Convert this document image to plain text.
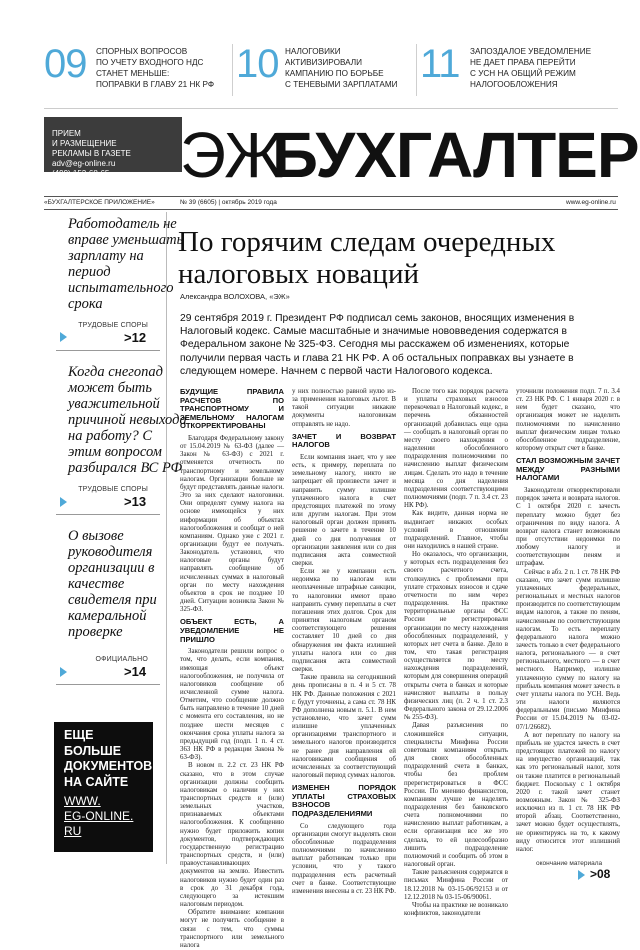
09 СПОРНЫХ ВОПРОСОВ
ПО УЧЕТУ ВХОДНОГО НДС
СТАНЕТ МЕНЬШЕ:
ПОПРАВКИ В ГЛАВУ 21 НК РФ 10 НАЛОГОВИКИ
АКТИВИЗИРОВАЛИ
КАМПАНИЮ ПО БОРЬБЕ
С ТЕНЕВЫМИ ЗАРПЛАТАМИ 11 ЗАПОЗДАЛОЕ УВЕДОМЛЕНИЕ
НЕ ДАЕТ ПРАВА ПЕРЕЙТИ
С УСН НА ОБЩИЙ РЕЖИМ
НАЛОГООБЛОЖЕНИЯ
ПРИЕМ
И РАЗМЕЩЕНИЕ
РЕКЛАМЫ В ГАЗЕТЕ
adv@eg-online.ru
(499) 152-68-65	ЭЖ
БУХГАЛТЕР
«БУХГАЛТЕРСКОЕ ПРИЛОЖЕНИЕ»	№ 39 (6605) | октябрь 2019 года	www.eg-online.ru
Работодатель не вправе уменьшать зарплату на период испытательного срока
ТРУДОВЫЕ СПОРЫ
>12
Когда снегопад может быть уважительной причиной невыхода на работу? С этим вопросом разбирался ВС РФ
ТРУДОВЫЕ СПОРЫ
>13
О вызове руководителя организации в качестве свидетеля при камеральной проверке
ОФИЦИАЛЬНО
>14
ЕЩЕ БОЛЬШЕ ДОКУМЕНТОВ НА САЙТЕ
WWW.
EG-ONLINE.
RU
По горячим следам очередных налоговых новаций
Александра ВОЛОХОВА, «ЭЖ»
29 сентября 2019 г. Президент РФ подписал семь законов, вносящих изменения в Налоговый кодекс. Самые масштабные и значимые нововведения содержатся в Федеральном законе № 325-ФЗ. Сегодня мы расскажем об изменениях, которые получили первая часть и глава 21 НК РФ. А об остальных поправках вы узнаете в следующем номере. Начнем с первой части Налогового кодекса.
БУДУЩИЕ ПРАВИЛА РАСЧЕТОВ ПО ТРАНСПОРТНОМУ И ЗЕМЕЛЬНОМУ НАЛОГАМ ОТКОРРЕКТИРОВАНЫ

Благодаря Федеральному закону от 15.04.2019 № 63-ФЗ (далее — Закон № 63-ФЗ) с 2021 г. отменяется отчетность по транспортному и земельному налогам. Организации больше не будут представлять данные налоги. Это за них сделают налоговики. Они определят сумму налога на основе имеющейся у них информации об объектах налогообложения и сообщат о ней компаниям. Однако уже с 2021 г. организации будут ее получать. Законодатель установил, что налоговые органы будут направлять сообщение об исчисленных суммах в налоговый орган по месту нахождения объектов в срок не позднее 10 дней. Ситуации возникла Закон № 325-ФЗ.

ОБЪЕКТ ЕСТЬ, А УВЕДОМЛЕНИЕ НЕ ПРИШЛО

Законодатели решили вопрос о том, что делать, если компания, имеющая объект налогообложения, не получила от налоговиков сообщение об исчисленной сумме налога. Отметим, что сообщение должно быть направлено в течение 10 дней с момента его составления, но не позднее шести месяцев с окончания срока уплаты налога за предыдущий год (подп. 1 п. 4 ст. 363 НК РФ в редакции Закона № 63-ФЗ).

В новом п. 2.2 ст. 23 НК РФ сказано, что в этом случае организации должны сообщить налоговикам о наличии у них транспортных средств и (или) земельных участков, признаваемых объектами налогообложения. К сообщению нужно будет приложить копии документов, подтверждающих государственную регистрацию транспортных средств, и (или) правоустанавливающих документов на землю. Известить налоговиков нужно будет один раз в срок до 31 декабря года, следующего за истекшим налоговым периодом.

Обратите внимание: компании могут не получить сообщение в связи с тем, что суммы транспортного или земельного налога

у них полностью равной нулю из-за применения налоговых льгот. В такой ситуации никакие документы налоговикам отправлять не надо.

ЗАЧЕТ И ВОЗВРАТ НАЛОГОВ

Если компания знает, что у нее есть, к примеру, переплата по земельному налогу, никто не запрещает ей произвести зачет и направить сумму излишне уплаченного налога в счет предстоящих платежей по этому или другим налогам. При этом налоговый орган должен принять решение о зачете в течение 10 дней со дня получения от организации заявления или со дня подписания акта совместной сверки.

Если же у компании есть недоимка по налогам или неоплаченные штрафные санкции, то налоговики имеют право направить сумму переплаты в счет погашения этих долгов. Срок для принятия налоговым органом соответствующего решения составляет 10 дней со дня обнаружения им факта излишней уплаты налога или со дня подписания акта совместной сверки.

Такие правила на сегодняшний день прописаны в п. 4 и 5 ст. 78 НК РФ. Данные положения с 2021 г. будут уточнены, а сама ст. 78 НК РФ дополнена новым п. 5.1. В нем установлено, что зачет сумм излишне уплаченных организациями транспортного и земельного налогов производится не ранее дня направления ей налоговиками сообщения об исчисленных за соответствующий налоговый период суммах налогов.

ИЗМЕНЕН ПОРЯДОК УПЛАТЫ СТРАХОВЫХ ВЗНОСОВ ПОДРАЗДЕЛЕНИЯМИ

Со следующего года организации смогут выделять свои обособленные подразделения полномочиями по начислению выплат работникам только при условии, что у такого подразделения есть расчетный счет в банке. Соответствующие изменения внесены в ст. 23 НК РФ.

После того как порядок расчета и уплаты страховых взносов перекочевал в Налоговый кодекс, в перечень обязанностей организаций добавилась еще одна — сообщать в налоговый орган по месту своего нахождения о наделении обособленного подразделения полномочиями по начислению выплат физическим лицам. Сделать это надо в течение месяца со дня наделения подразделения соответствующими полномочиями (подп. 7 п. 3.4 ст. 23 НК РФ).

Как видите, данная норма не выдвигает никаких особых условий в отношении подразделений. Главное, чтобы они находились в нашей стране.

Но оказалось, что организации, у которых есть подразделения без своего расчетного счета, столкнулись с проблемами при уплате страховых взносов и сдаче отчетности по ним через подразделения. На практике территориальные органы ФСС России не регистрировали организации по месту нахождения обособленных подразделений, у которых нет счета в банке. Дело в том, что такая регистрация осуществляется по месту нахождения подразделений, которым для совершения операций открыты счета в банках и которые начисляют выплаты в пользу физических лиц (п. 2 ч. 1 ст. 2.3 Федерального закона от 29.12.2006 № 255-ФЗ).

Давая разъяснения по сложившейся ситуации, специалисты Минфина России советовали компаниям открыть для своих обособленных подразделений счета в банках, чтобы без проблем пререгистрироваться в ФСС России. По мнению финансистов, компаниям лучше не наделять подразделения без банковского счета полномочиями по начислению выплат работникам, а если организация все же это сделала, то ей целесообразно лишить подразделение полномочий и сообщить об этом в налоговый орган.

Такие разъяснения содержатся в письмах Минфина России от 18.12.2018 № 03-15-06/92153 и от 12.12.2018 № 03-15-06/90061.

Чтобы на практике не возникало конфликтов, законодатели

уточнили положения подп. 7 п. 3.4 ст. 23 НК РФ. С 1 января 2020 г. в нем будет сказано, что организация может не наделить полномочиями по начислению выплат физическим лицам только обособленное подразделение, которому открыт счет в банке.

СТАЛ ВОЗМОЖНЫМ ЗАЧЕТ МЕЖДУ РАЗНЫМИ НАЛОГАМИ

Законодатели откорректировали порядок зачета и возврата налогов. С 1 октября 2020 г. зачесть переплату можно будет без ограничения по виду налога. А возврат налога станет возможным при отсутствии недоимки по любому налогу и соответствующим пеням и штрафам.

Сейчас в абз. 2 п. 1 ст. 78 НК РФ сказано, что зачет сумм излишне уплаченных федеральных, региональных и местных налогов производится по соответствующим видам налогов, а также по пеням, начисленным по соответствующим налогам. То есть переплату федерального налога можно зачесть только в счет федерального налога, регионального — в счет регионального, местного — в счет местного. Например, излишне уплаченную сумму по налогу на прибыль компания может зачесть в счет уплаты налога по УСН. Ведь эти налоги являются федеральными (письмо Минфина России от 15.04.2019 № 03-02-07/1/26682).

А вот переплату по налогу на прибыль не удастся зачесть в счет предстоящих платежей по налогу на имущество организаций, так как это региональный налог, хотя он также платится в региональный бюджет. Поскольку с 1 октября 2020 г. такой зачет станет возможным. Закон № 325-ФЗ исключил из п. 1 ст. 78 НК РФ второй абзац. Соответственно, зачет можно будет осуществлять, не ориентируясь на то, к какому виду относится этот излишний налог.

окончание материала
>08
